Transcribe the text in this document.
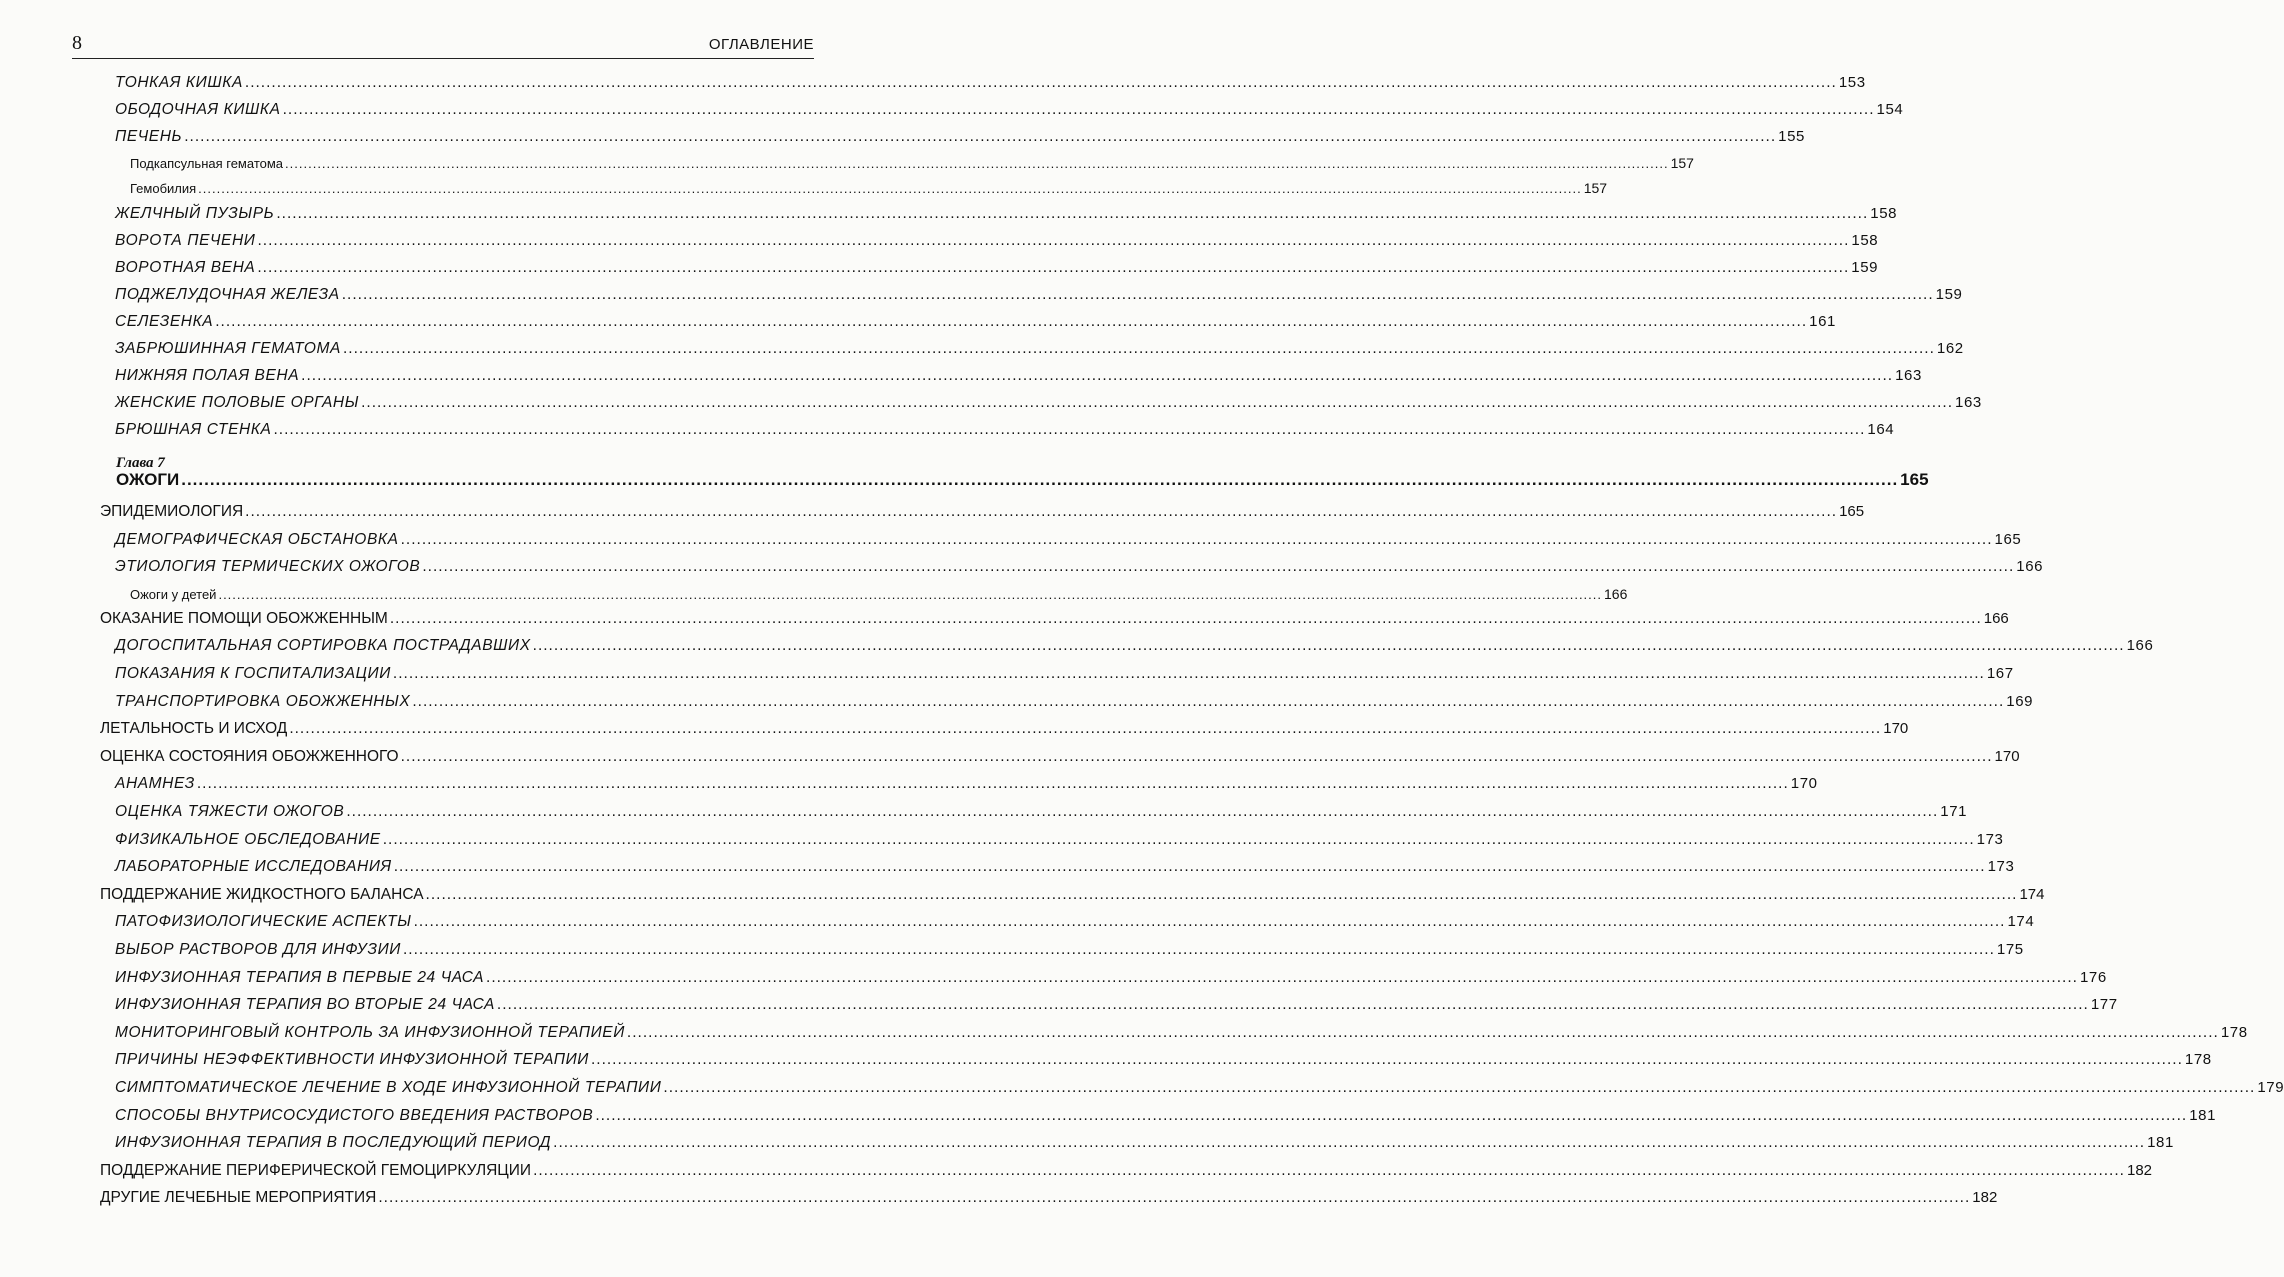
8	ОГЛАВЛЕНИЕ
Глава 7
ОЖОГИ ............................................................................................................................................................................................................................................................................................................ 165
ТОНКАЯ КИШКА ............................................................................................................................................................................................................................................................................................................ 153
ОБОДОЧНАЯ КИШКА ............................................................................................................................................................................................................................................................................................................ 154
ПЕЧЕНЬ ............................................................................................................................................................................................................................................................................................................ 155
Подкапсульная гематома ............................................................................................................................................................................................................................................................................................................ 157
Гемобилия ............................................................................................................................................................................................................................................................................................................ 157
ЖЕЛЧНЫЙ ПУЗЫРЬ ............................................................................................................................................................................................................................................................................................................ 158
ВОРОТА ПЕЧЕНИ ............................................................................................................................................................................................................................................................................................................ 158
ВОРОТНАЯ ВЕНА ............................................................................................................................................................................................................................................................................................................ 159
ПОДЖЕЛУДОЧНАЯ ЖЕЛЕЗА ............................................................................................................................................................................................................................................................................................................ 159
СЕЛЕЗЕНКА ............................................................................................................................................................................................................................................................................................................ 161
ЗАБРЮШИННАЯ ГЕМАТОМА ............................................................................................................................................................................................................................................................................................................ 162
НИЖНЯЯ ПОЛАЯ ВЕНА ............................................................................................................................................................................................................................................................................................................ 163
ЖЕНСКИЕ ПОЛОВЫЕ ОРГАНЫ ............................................................................................................................................................................................................................................................................................................ 163
БРЮШНАЯ СТЕНКА ............................................................................................................................................................................................................................................................................................................ 164
ЭПИДЕМИОЛОГИЯ ............................................................................................................................................................................................................................................................................................................ 165
ДЕМОГРАФИЧЕСКАЯ ОБСТАНОВКА ............................................................................................................................................................................................................................................................................................................ 165
ЭТИОЛОГИЯ ТЕРМИЧЕСКИХ ОЖОГОВ ............................................................................................................................................................................................................................................................................................................ 166
Ожоги у детей ............................................................................................................................................................................................................................................................................................................ 166
ОКАЗАНИЕ ПОМОЩИ ОБОЖЖЕННЫМ ............................................................................................................................................................................................................................................................................................................ 166
ДОГОСПИТАЛЬНАЯ СОРТИРОВКА ПОСТРАДАВШИХ ............................................................................................................................................................................................................................................................................................................ 166
ПОКАЗАНИЯ К ГОСПИТАЛИЗАЦИИ ............................................................................................................................................................................................................................................................................................................ 167
ТРАНСПОРТИРОВКА ОБОЖЖЕННЫХ ............................................................................................................................................................................................................................................................................................................ 169
ЛЕТАЛЬНОСТЬ И ИСХОД ............................................................................................................................................................................................................................................................................................................ 170
ОЦЕНКА СОСТОЯНИЯ ОБОЖЖЕННОГО ............................................................................................................................................................................................................................................................................................................ 170
АНАМНЕЗ ............................................................................................................................................................................................................................................................................................................ 170
ОЦЕНКА ТЯЖЕСТИ ОЖОГОВ ............................................................................................................................................................................................................................................................................................................ 171
ФИЗИКАЛЬНОЕ ОБСЛЕДОВАНИЕ ............................................................................................................................................................................................................................................................................................................ 173
ЛАБОРАТОРНЫЕ ИССЛЕДОВАНИЯ ............................................................................................................................................................................................................................................................................................................ 173
ПОДДЕРЖАНИЕ ЖИДКОСТНОГО БАЛАНСА ............................................................................................................................................................................................................................................................................................................ 174
ПАТОФИЗИОЛОГИЧЕСКИЕ АСПЕКТЫ ............................................................................................................................................................................................................................................................................................................ 174
ВЫБОР РАСТВОРОВ ДЛЯ ИНФУЗИИ ............................................................................................................................................................................................................................................................................................................ 175
ИНФУЗИОННАЯ ТЕРАПИЯ В ПЕРВЫЕ 24 ЧАСА ............................................................................................................................................................................................................................................................................................................ 176
ИНФУЗИОННАЯ ТЕРАПИЯ ВО ВТОРЫЕ 24 ЧАСА ............................................................................................................................................................................................................................................................................................................ 177
МОНИТОРИНГОВЫЙ КОНТРОЛЬ ЗА ИНФУЗИОННОЙ ТЕРАПИЕЙ ............................................................................................................................................................................................................................................................................................................ 178
ПРИЧИНЫ НЕЭФФЕКТИВНОСТИ ИНФУЗИОННОЙ ТЕРАПИИ ............................................................................................................................................................................................................................................................................................................ 178
СИМПТОМАТИЧЕСКОЕ ЛЕЧЕНИЕ В ХОДЕ ИНФУЗИОННОЙ ТЕРАПИИ ............................................................................................................................................................................................................................................................................................................ 179
СПОСОБЫ ВНУТРИСОСУДИСТОГО ВВЕДЕНИЯ РАСТВОРОВ ............................................................................................................................................................................................................................................................................................................ 181
ИНФУЗИОННАЯ ТЕРАПИЯ В ПОСЛЕДУЮЩИЙ ПЕРИОД ............................................................................................................................................................................................................................................................................................................ 181
ПОДДЕРЖАНИЕ ПЕРИФЕРИЧЕСКОЙ ГЕМОЦИРКУЛЯЦИИ ............................................................................................................................................................................................................................................................................................................ 182
ДРУГИЕ ЛЕЧЕБНЫЕ МЕРОПРИЯТИЯ ............................................................................................................................................................................................................................................................................................................ 182
